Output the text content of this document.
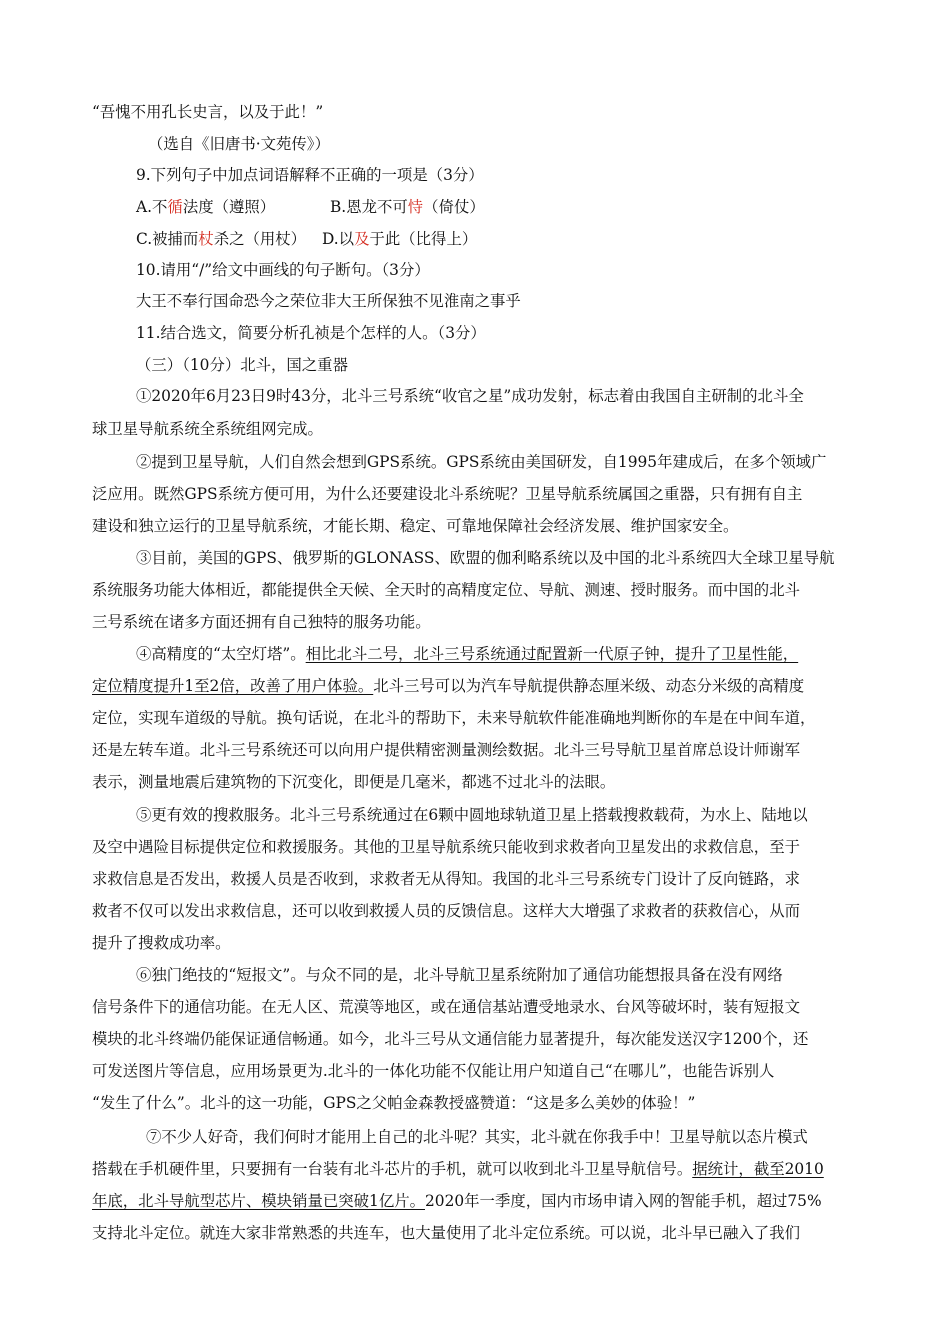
“吾愧不用孔长史言，以及于此！”
（选自《旧唐书·文苑传》）
9.下列句子中加点词语解释不正确的一项是（3分）
A.不循法度（遵照）	B.恩龙不可恃（倚仗）
C.被捕而杖杀之（用杖） D.以及于此（比得上）
10.请用“/”给文中画线的句子断句。（3分）
大王不奉行国命恐今之荣位非大王所保独不见淮南之事乎
11.结合选文，简要分析孔祯是个怎样的人。（3分）
（三）（10分）北斗，国之重器
①2020年6月23日9时43分，北斗三号系统“收官之星”成功发射，标志着由我国自主研制的北斗全
球卫星导航系统全系统组网完成。
②提到卫星导航，人们自然会想到GPS系统。GPS系统由美国研发，自1995年建成后，在多个领域广
泛应用。既然GPS系统方便可用，为什么还要建设北斗系统呢？卫星导航系统属国之重器，只有拥有自主
建设和独立运行的卫星导航系统，才能长期、稳定、可靠地保障社会经济发展、维护国家安全。
③目前，美国的GPS、俄罗斯的GLONASS、欧盟的伽利略系统以及中国的北斗系统四大全球卫星导航
系统服务功能大体相近，都能提供全天候、全天时的高精度定位、导航、测速、授时服务。而中国的北斗
三号系统在诸多方面还拥有自己独特的服务功能。
④高精度的“太空灯塔”。相比北斗二号，北斗三号系统通过配置新一代原子钟，提升了卫星性能，
定位精度提升1至2倍，改善了用户体验。北斗三号可以为汽车导航提供静态厘米级、动态分米级的高精度
定位，实现车道级的导航。换句话说，在北斗的帮助下，未来导航软件能准确地判断你的车是在中间车道，
还是左转车道。北斗三号系统还可以向用户提供精密测量测绘数据。北斗三号导航卫星首席总设计师谢军
表示，测量地震后建筑物的下沉变化，即便是几毫米，都逃不过北斗的法眼。
⑤更有效的搜救服务。北斗三号系统通过在6颗中圆地球轨道卫星上搭载搜救载荷，为水上、陆地以
及空中遇险目标提供定位和救援服务。其他的卫星导航系统只能收到求救者向卫星发出的求救信息，至于
求救信息是否发出，救援人员是否收到，求救者无从得知。我国的北斗三号系统专门设计了反向链路，求
救者不仅可以发出求救信息，还可以收到救援人员的反馈信息。这样大大增强了求救者的获救信心，从而
提升了搜救成功率。
⑥独门绝技的“短报文”。与众不同的是，北斗导航卫星系统附加了通信功能想报具备在没有网络
信号条件下的通信功能。在无人区、荒漠等地区，或在通信基站遭受地录水、台风等破坏时，装有短报文
模块的北斗终端仍能保证通信畅通。如今，北斗三号从文通信能力显著提升，每次能发送汉字1200个，还
可发送图片等信息，应用场景更为.北斗的一体化功能不仅能让用户知道自己“在哪儿”，也能告诉别人
“发生了什么”。北斗的这一功能，GPS之父帕金森教授盛赞道：“这是多么美妙的体验！”
⑦不少人好奇，我们何时才能用上自己的北斗呢？其实，北斗就在你我手中！卫星导航以态片模式
搭载在手机硬件里，只要拥有一台装有北斗芯片的手机，就可以收到北斗卫星导航信号。据统计，截至2010
年底，北斗导航型芯片、模块销量已突破1亿片。2020年一季度，国内市场申请入网的智能手机，超过75%
支持北斗定位。就连大家非常熟悉的共连车，也大量使用了北斗定位系统。可以说，北斗早已融入了我们
